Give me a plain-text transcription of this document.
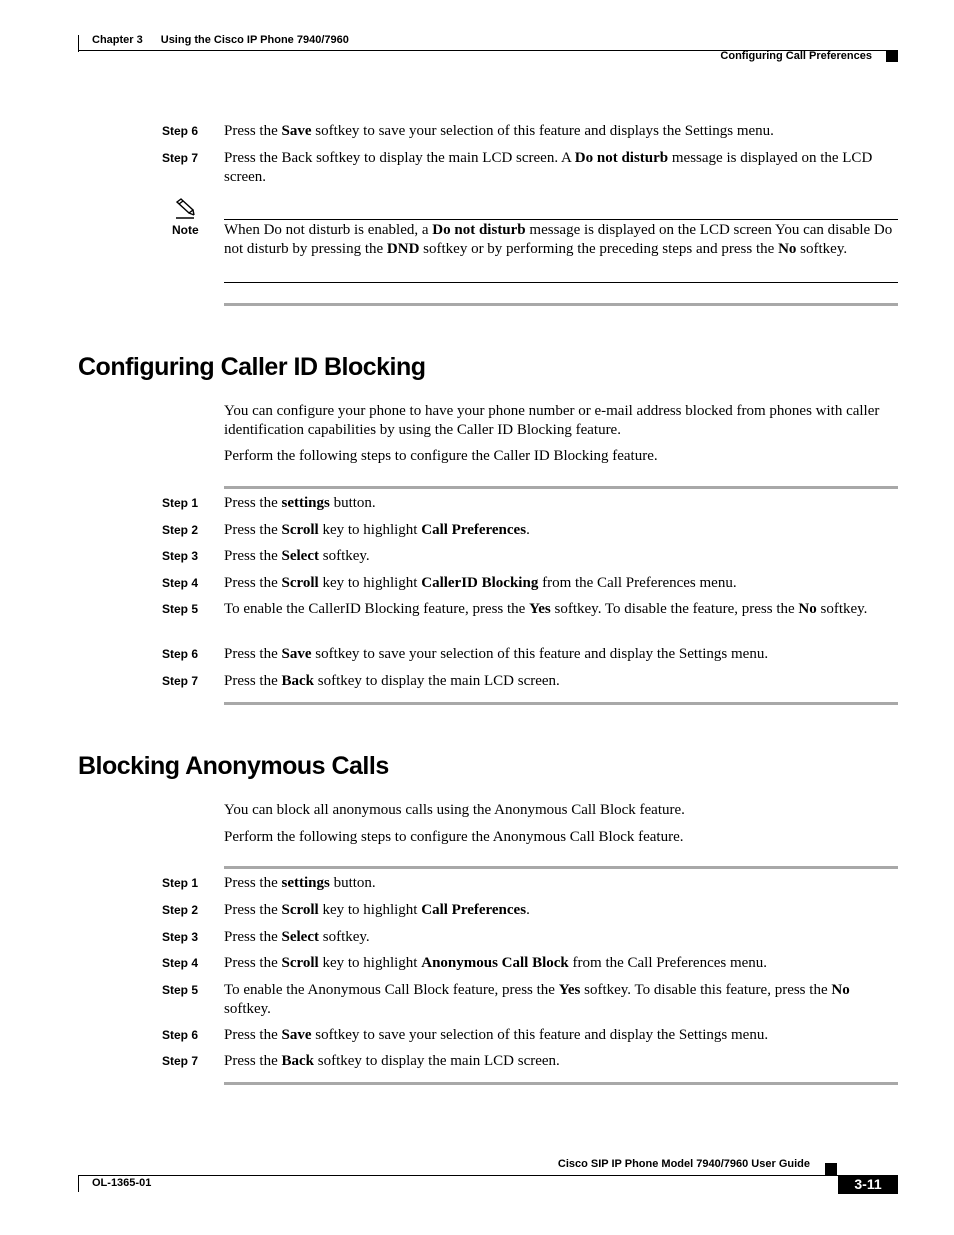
Chapter 3 Using the Cisco IP Phone 7940/7960
Configuring Call Preferences
Step 6 Press the Save softkey to save your selection of this feature and displays the Settings menu.
Step 7 Press the Back softkey to display the main LCD screen. A Do not disturb message is displayed on the LCD screen.
Note When Do not disturb is enabled, a Do not disturb message is displayed on the LCD screen You can disable Do not disturb by pressing the DND softkey or by performing the preceding steps and press the No softkey.
Configuring Caller ID Blocking
You can configure your phone to have your phone number or e-mail address blocked from phones with caller identification capabilities by using the Caller ID Blocking feature.
Perform the following steps to configure the Caller ID Blocking feature.
Step 1 Press the settings button.
Step 2 Press the Scroll key to highlight Call Preferences.
Step 3 Press the Select softkey.
Step 4 Press the Scroll key to highlight CallerID Blocking from the Call Preferences menu.
Step 5 To enable the CallerID Blocking feature, press the Yes softkey. To disable the feature, press the No softkey.
Step 6 Press the Save softkey to save your selection of this feature and display the Settings menu.
Step 7 Press the Back softkey to display the main LCD screen.
Blocking Anonymous Calls
You can block all anonymous calls using the Anonymous Call Block feature.
Perform the following steps to configure the Anonymous Call Block feature.
Step 1 Press the settings button.
Step 2 Press the Scroll key to highlight Call Preferences.
Step 3 Press the Select softkey.
Step 4 Press the Scroll key to highlight Anonymous Call Block from the Call Preferences menu.
Step 5 To enable the Anonymous Call Block feature, press the Yes softkey. To disable this feature, press the No softkey.
Step 6 Press the Save softkey to save your selection of this feature and display the Settings menu.
Step 7 Press the Back softkey to display the main LCD screen.
Cisco SIP IP Phone Model 7940/7960 User Guide
OL-1365-01	3-11
